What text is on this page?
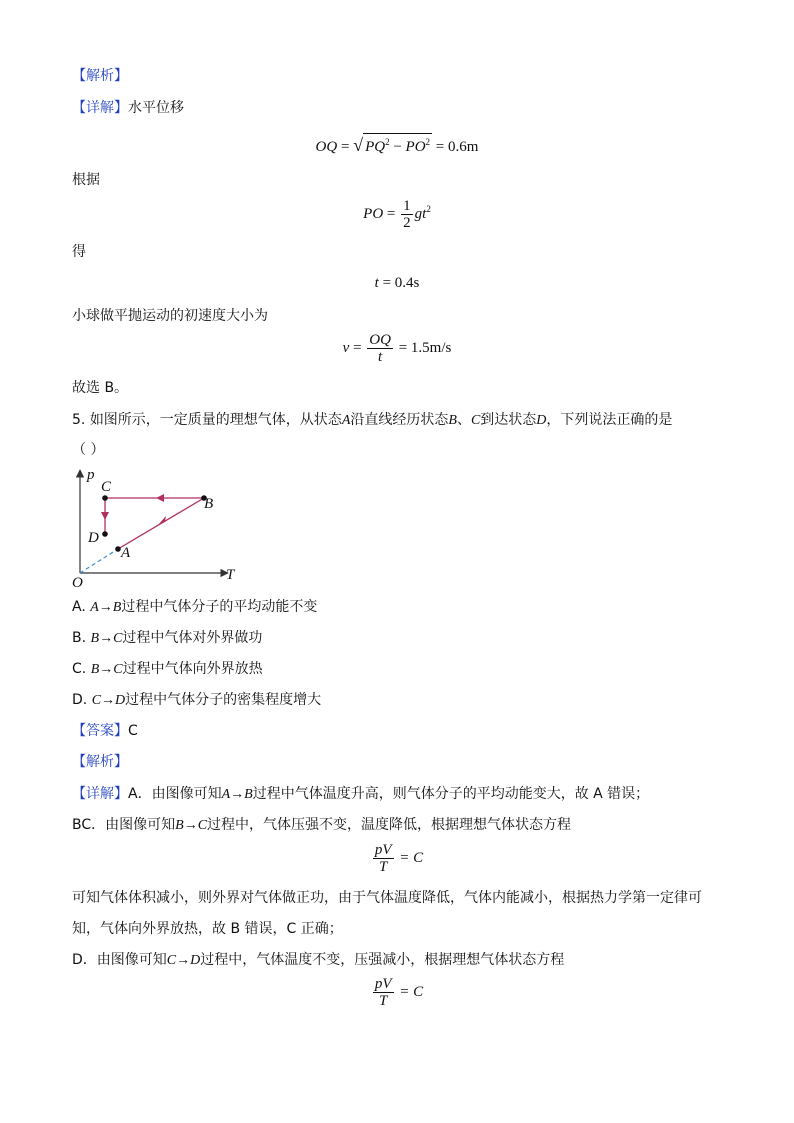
【解析】
【详解】水平位移
OQ = √ $PQ^2 - PO^2 = 0.6m$
根据
PO = $\frac{1}{2} gt^2$
得
t = 0.4s
小球做平抛运动的初速度大小为
$v = \frac{OQ}{t} = 1.5m/s$
故选 B。
5. 如图所示，一定质量的理想气体，从状态A沿直线经历状态B、C到达状态D，下列说法正确的是
（ ）
p
T
O
A
B
C
D
A. A→B过程中气体分子的平均动能不变
B. B→C过程中气体对外界做功
C. B→C过程中气体向外界放热
D. C→D过程中气体分子的密集程度增大
【答案】C
【解析】
【详解】A．由图像可知A→B过程中气体温度升高，则气体分子的平均动能变大，故 A 错误；
BC．由图像可知B→C过程中，气体压强不变，温度降低，根据理想气体状态方程
$\frac{pV}{T} = C$
可知气体体积减小，则外界对气体做正功，由于气体温度降低，气体内能减小，根据热力学第一定律可
知，气体向外界放热，故 B 错误，C 正确；
D．由图像可知C→D过程中，气体温度不变，压强减小，根据理想气体状态方程
$\frac{pV}{T} = C$
